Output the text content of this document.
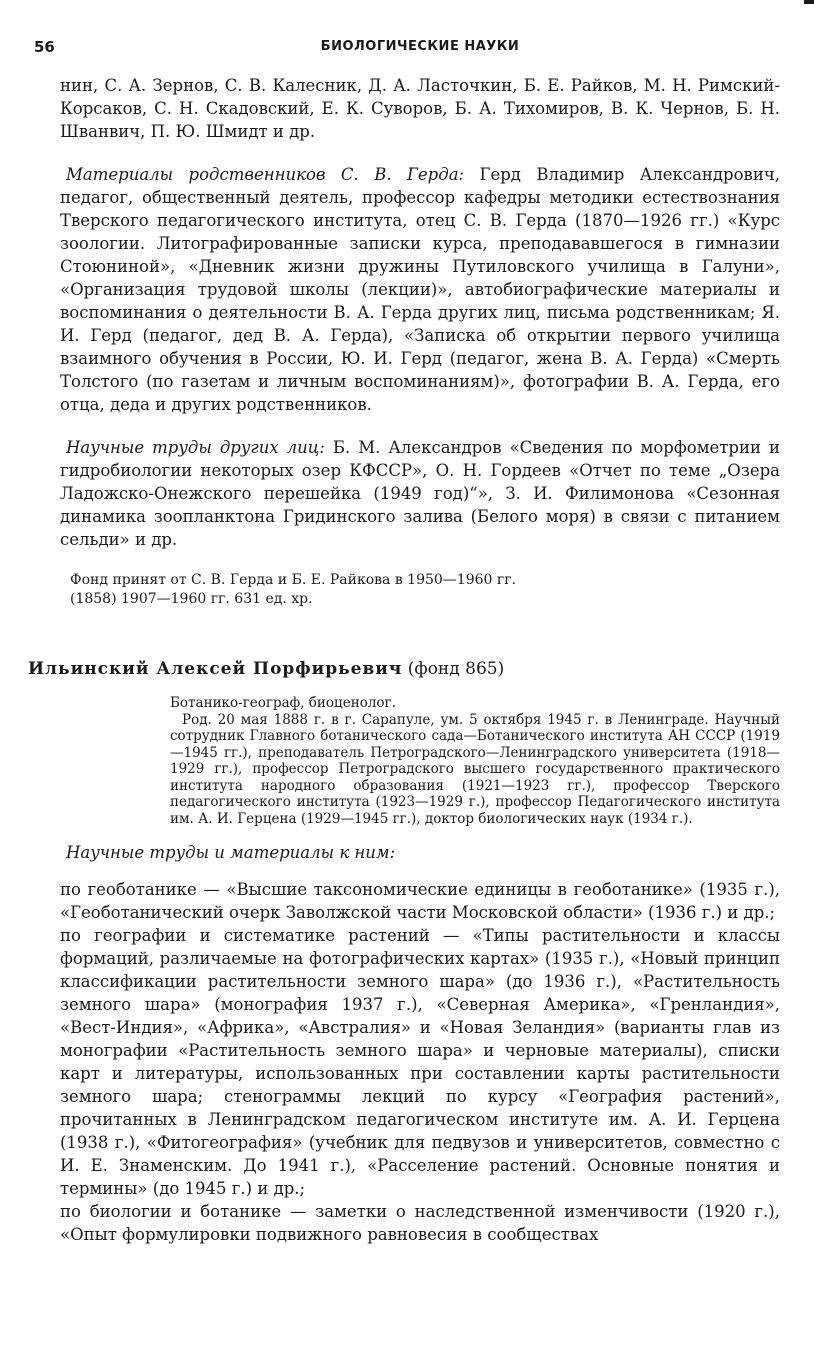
56	БИОЛОГИЧЕСКИЕ НАУКИ

нин, С. А. Зернов, С. В. Калесник, Д. А. Ласточкин, Б. Е. Райков, М. Н. Римский-Корсаков, С. Н. Скадовский, Е. К. Суворов, Б. А. Тихомиров, В. К. Чернов, Б. Н. Шванвич, П. Ю. Шмидт и др.

Материалы родственников С. В. Герда: Герд Владимир Александрович, педагог, общественный деятель, профессор кафедры методики естествознания Тверского педагогического института, отец С. В. Герда (1870—1926 гг.) «Курс зоологии. Литографированные записки курса, преподававшегося в гимназии Стоюниной», «Дневник жизни дружины Путиловского училища в Галуни», «Организация трудовой школы (лекции)», автобиографические материалы и воспоминания о деятельности В. А. Герда других лиц, письма родственникам; Я. И. Герд (педагог, дед В. А. Герда), «Записка об открытии первого училища взаимного обучения в России, Ю. И. Герд (педагог, жена В. А. Герда) «Смерть Толстого (по газетам и личным воспоминаниям)», фотографии В. А. Герда, его отца, деда и других родственников.

Научные труды других лиц: Б. М. Александров «Сведения по морфометрии и гидробиологии некоторых озер КФССР», О. Н. Гордеев «Отчет по теме „Озера Ладожско-Онежского перешейка (1949 год)“», З. И. Филимонова «Сезонная динамика зоопланктона Гридинского залива (Белого моря) в связи с питанием сельди» и др.

Фонд принят от С. В. Герда и Б. Е. Райкова в 1950—1960 гг.
(1858) 1907—1960 гг. 631 ед. хр.
Ильинский Алексей Порфирьевич (фонд 865)
Ботанико-географ, биоценолог.

Род. 20 мая 1888 г. в г. Сарапуле, ум. 5 октября 1945 г. в Ленинграде. Научный сотрудник Главного ботанического сада—Ботанического института АН СССР (1919—1945 гг.), преподаватель Петроградского—Ленинградского университета (1918—1929 гг.), профессор Петроградского высшего государственного практического института народного образования (1921—1923 гг.), профессор Тверского педагогического института (1923—1929 г.), профессор Педагогического института им. А. И. Герцена (1929—1945 гг.), доктор биологических наук (1934 г.).

Научные труды и материалы к ним:

по геоботанике — «Высшие таксономические единицы в геоботанике» (1935 г.), «Геоботанический очерк Заволжской части Московской области» (1936 г.) и др.;

по географии и систематике растений — «Типы растительности и классы формаций, различаемые на фотографических картах» (1935 г.), «Новый принцип классификации растительности земного шара» (до 1936 г.), «Растительность земного шара» (монография 1937 г.), «Северная Америка», «Гренландия», «Вест-Индия», «Африка», «Австралия» и «Новая Зеландия» (варианты глав из монографии «Растительность земного шара» и черновые материалы), списки карт и литературы, использованных при составлении карты растительности земного шара; стенограммы лекций по курсу «География растений», прочитанных в Ленинградском педагогическом институте им. А. И. Герцена (1938 г.), «Фитогеография» (учебник для педвузов и университетов, совместно с И. Е. Знаменским. До 1941 г.), «Расселение растений. Основные понятия и термины» (до 1945 г.) и др.;

по биологии и ботанике — заметки о наследственной изменчивости (1920 г.), «Опыт формулировки подвижного равновесия в сообществах
